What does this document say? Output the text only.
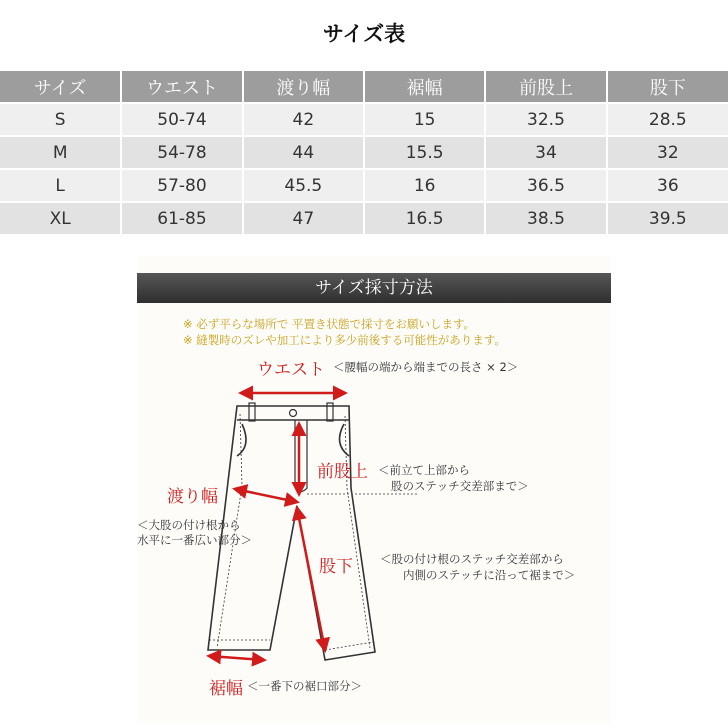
サイズ表
サイズ	ウエスト	渡り幅	裾幅	前股上	股下
S	50-74	42	15	32.5	28.5
M	54-78	44	15.5	34	32
L	57-80	45.5	16	36.5	36
XL	61-85	47	16.5	38.5	39.5
サイズ採寸方法
※ 必ず平らな場所で 平置き状態で採寸をお願いします。
※ 縫製時のズレや加工により多少前後する可能性があります。
ウエスト ＜腰幅の端から端までの長さ × 2＞
前股上 ＜前立て上部から
股のステッチ交差部まで＞
渡り幅
＜大股の付け根から
水平に一番広い部分＞
股下 ＜股の付け根のステッチ交差部から
内側のステッチに沿って裾まで＞
裾幅 ＜一番下の裾口部分＞
